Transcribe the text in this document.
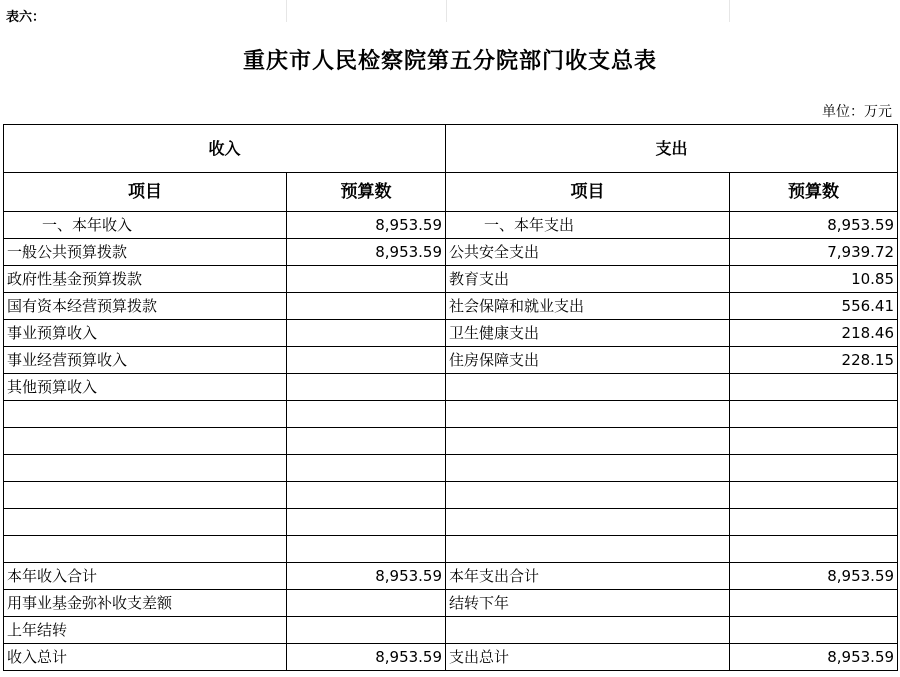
表六：
重庆市人民检察院第五分院部门收支总表
单位：万元
收入		支出	
项目	预算数	项目	预算数
一、本年收入	8,953.59	一、本年支出	8,953.59
一般公共预算拨款	8,953.59	公共安全支出	7,939.72
政府性基金预算拨款		教育支出	10.85
国有资本经营预算拨款		社会保障和就业支出	556.41
事业预算收入		卫生健康支出	218.46
事业经营预算收入		住房保障支出	228.15
其他预算收入			

本年收入合计	8,953.59	本年支出合计	8,953.59
用事业基金弥补收支差额		结转下年	
上年结转			
收入总计	8,953.59	支出总计	8,953.59
